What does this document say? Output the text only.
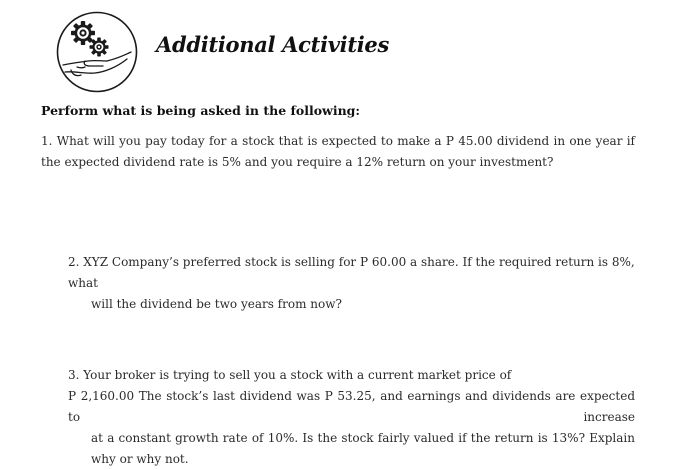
Additional Activities

Perform what is being asked in the following:

1. What will you pay today for a stock that is expected to make a P 45.00 dividend in one year if the expected dividend rate is 5% and you require a 12% return on your investment?

2. XYZ Company’s preferred stock is selling for P 60.00 a share. If the required return is 8%, what
will the dividend be two years from now?

3. Your broker is trying to sell you a stock with a current market price of

P 2,160.00 The stock’s last dividend was P 53.25, and earnings and dividends are expected to increase
at a constant growth rate of 10%. Is the stock fairly valued if the return is 13%? Explain why or why not.
